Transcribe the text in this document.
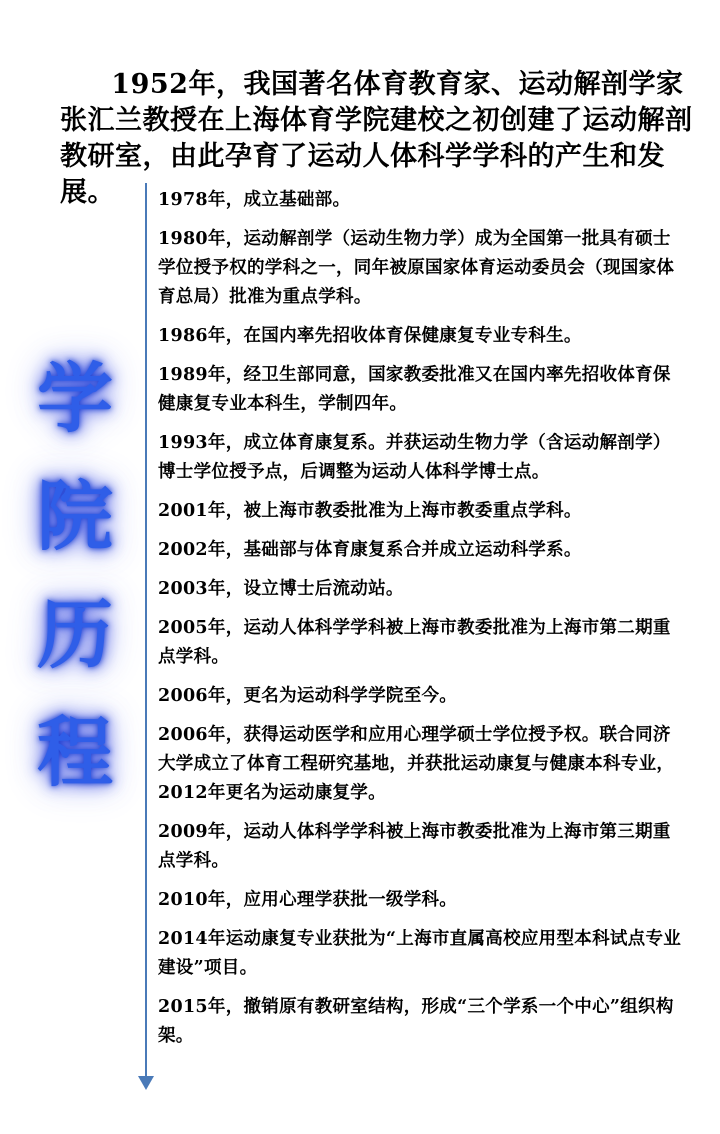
1952年，我国著名体育教育家、运动解剖学家张汇兰教授在上海体育学院建校之初创建了运动解剖教研室，由此孕育了运动人体科学学科的产生和发展。

学
院
历
程
1978年，成立基础部。
1980年，运动解剖学（运动生物力学）成为全国第一批具有硕士学位授予权的学科之一，同年被原国家体育运动委员会（现国家体育总局）批准为重点学科。
1986年，在国内率先招收体育保健康复专业专科生。
1989年，经卫生部同意，国家教委批准又在国内率先招收体育保健康复专业本科生，学制四年。
1993年，成立体育康复系。并获运动生物力学（含运动解剖学）博士学位授予点，后调整为运动人体科学博士点。
2001年，被上海市教委批准为上海市教委重点学科。
2002年，基础部与体育康复系合并成立运动科学系。
2003年，设立博士后流动站。
2005年，运动人体科学学科被上海市教委批准为上海市第二期重点学科。
2006年，更名为运动科学学院至今。
2006年，获得运动医学和应用心理学硕士学位授予权。联合同济大学成立了体育工程研究基地，并获批运动康复与健康本科专业，2012年更名为运动康复学。
2009年，运动人体科学学科被上海市教委批准为上海市第三期重点学科。
2010年，应用心理学获批一级学科。
2014年运动康复专业获批为“上海市直属高校应用型本科试点专业建设”项目。
2015年，撤销原有教研室结构，形成“三个学系一个中心”组织构架。
